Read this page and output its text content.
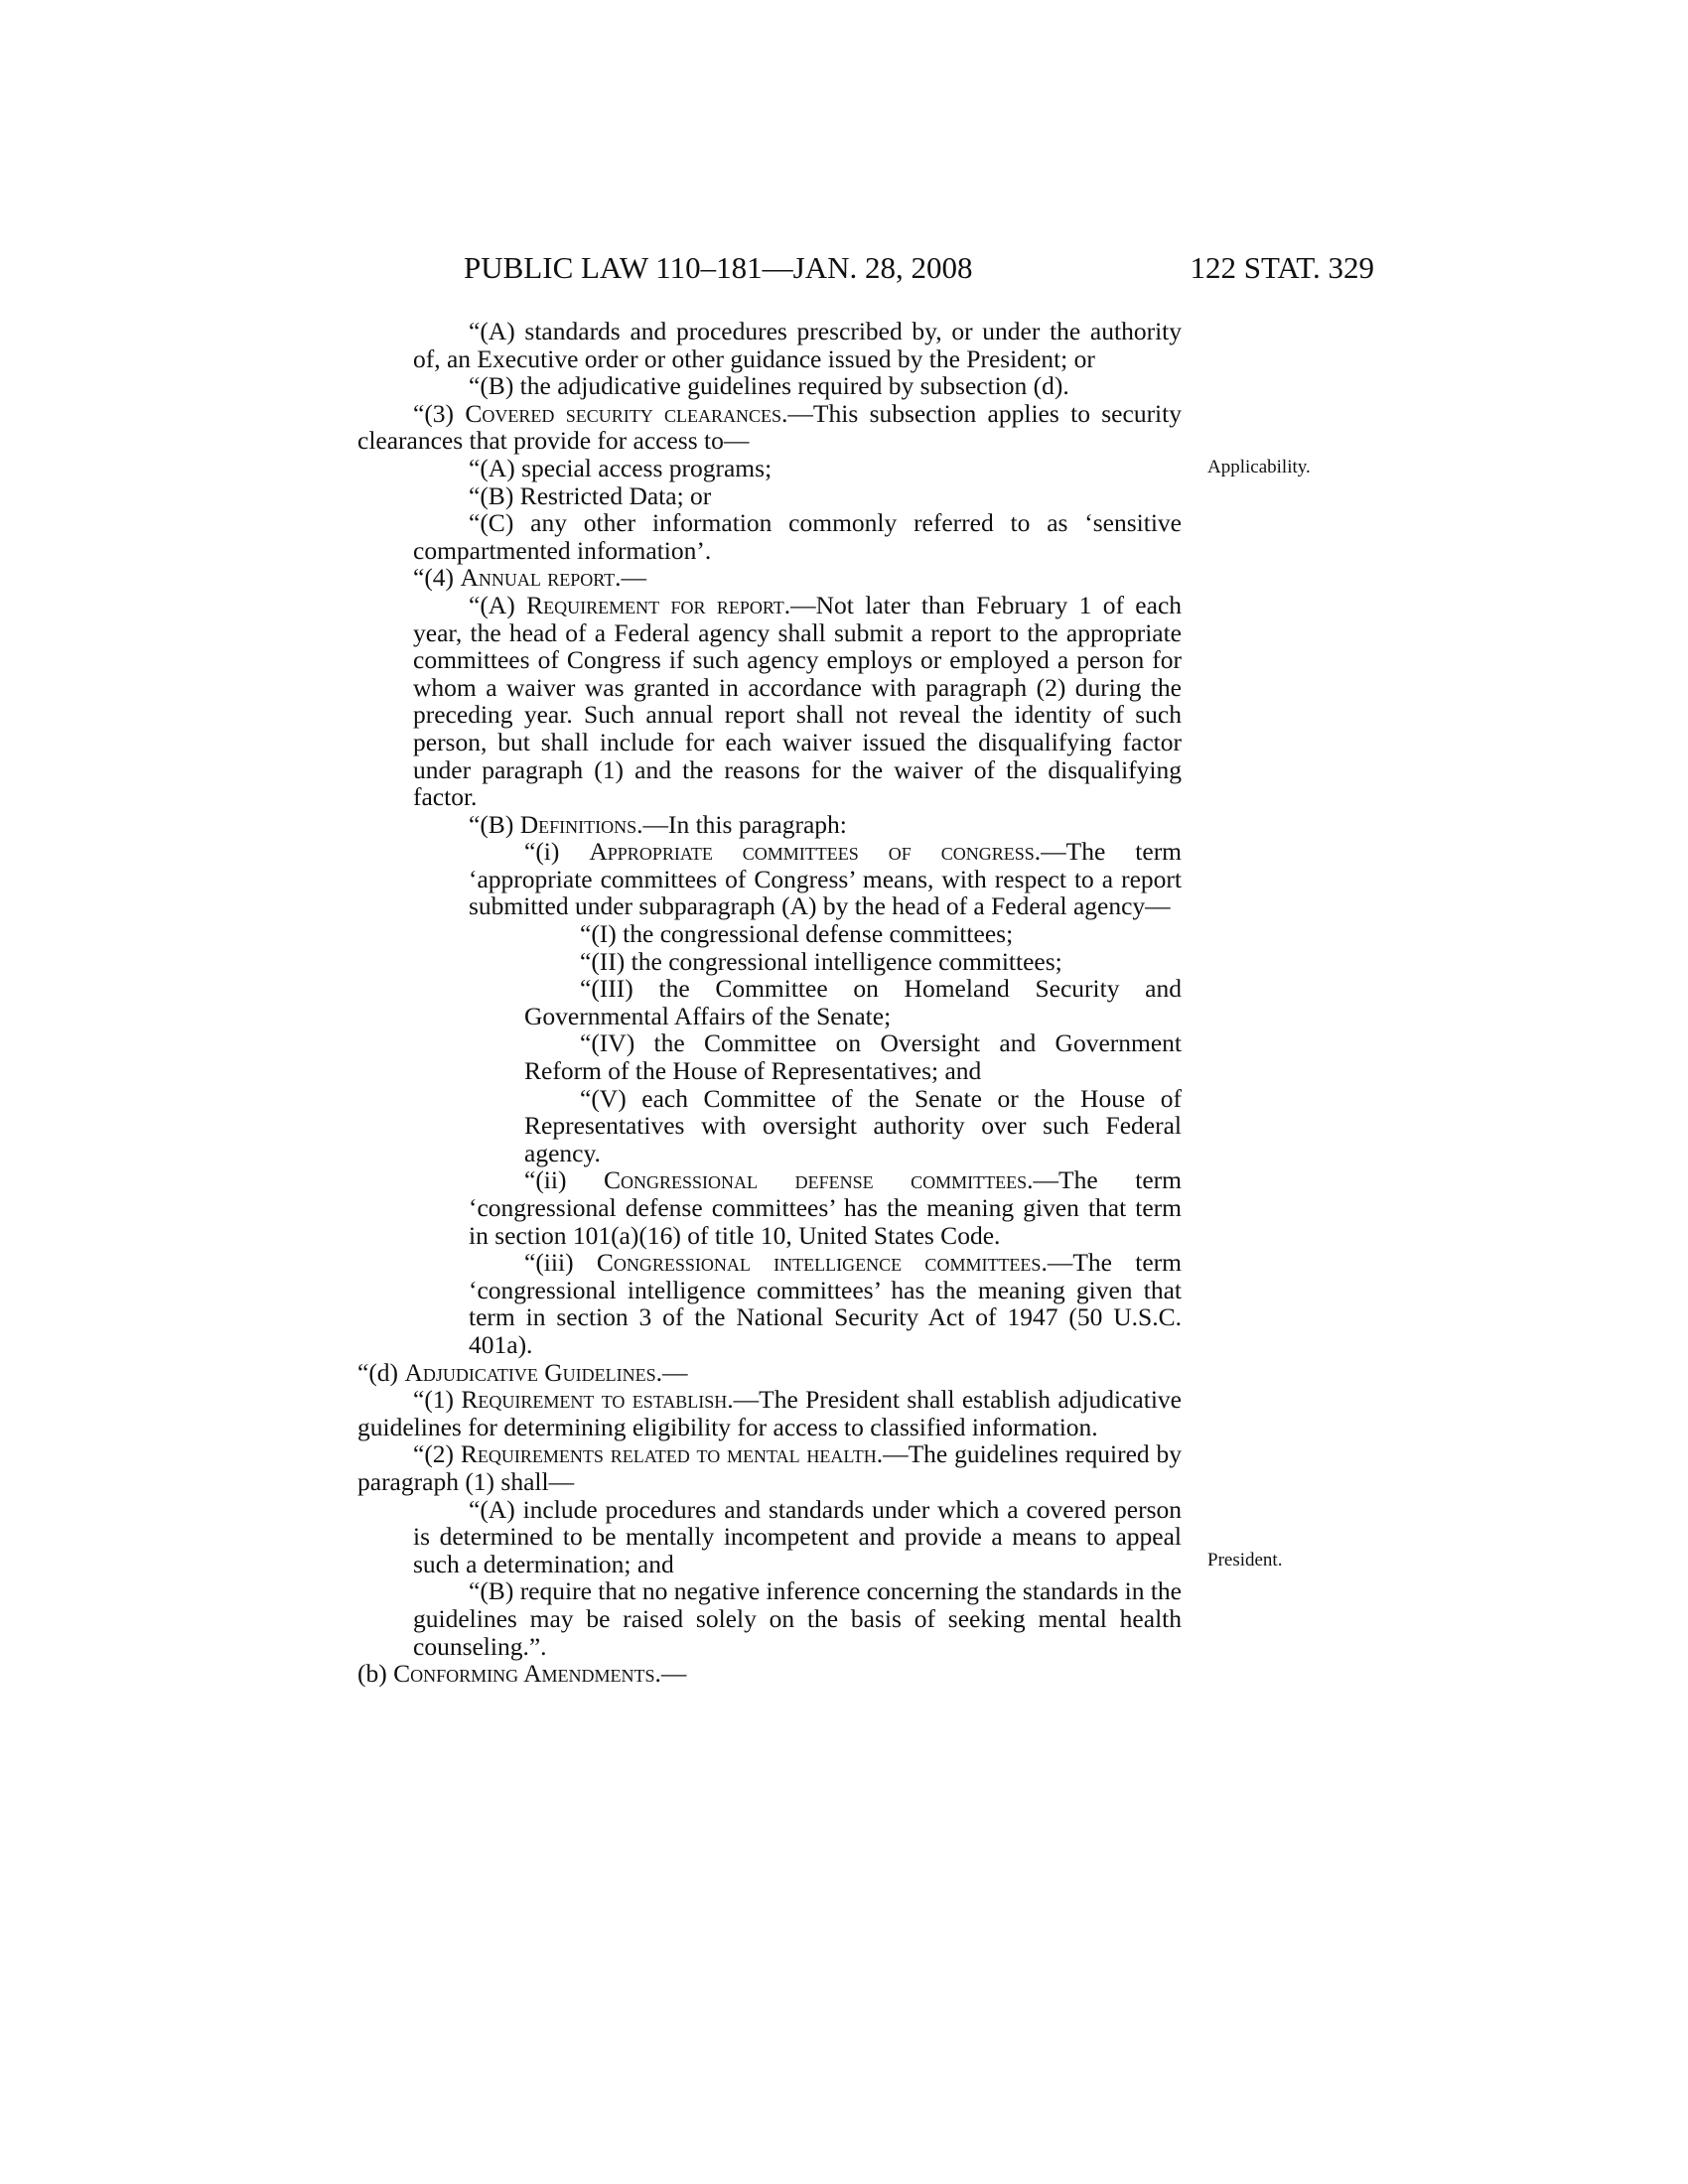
PUBLIC LAW 110–181—JAN. 28, 2008	122 STAT. 329
Applicability.
President.

“(A) standards and procedures prescribed by, or under the authority of, an Executive order or other guidance issued by the President; or

“(B) the adjudicative guidelines required by subsection (d).

“(3) Covered security clearances.—This subsection applies to security clearances that provide for access to—

“(A) special access programs;

“(B) Restricted Data; or

“(C) any other information commonly referred to as ‘sensitive compartmented information’.

“(4) Annual report.—

“(A) Requirement for report.—Not later than February 1 of each year, the head of a Federal agency shall submit a report to the appropriate committees of Congress if such agency employs or employed a person for whom a waiver was granted in accordance with paragraph (2) during the preceding year. Such annual report shall not reveal the identity of such person, but shall include for each waiver issued the disqualifying factor under paragraph (1) and the reasons for the waiver of the disqualifying factor.

“(B) Definitions.—In this paragraph:

“(i) Appropriate committees of congress.—The term ‘appropriate committees of Congress’ means, with respect to a report submitted under subparagraph (A) by the head of a Federal agency—

“(I) the congressional defense committees;

“(II) the congressional intelligence committees;

“(III) the Committee on Homeland Security and Governmental Affairs of the Senate;

“(IV) the Committee on Oversight and Government Reform of the House of Representatives; and

“(V) each Committee of the Senate or the House of Representatives with oversight authority over such Federal agency.

“(ii) Congressional defense committees.—The term ‘congressional defense committees’ has the meaning given that term in section 101(a)(16) of title 10, United States Code.

“(iii) Congressional intelligence committees.—The term ‘congressional intelligence committees’ has the meaning given that term in section 3 of the National Security Act of 1947 (50 U.S.C. 401a).

“(d) Adjudicative Guidelines.—

“(1) Requirement to establish.—The President shall establish adjudicative guidelines for determining eligibility for access to classified information.

“(2) Requirements related to mental health.—The guidelines required by paragraph (1) shall—

“(A) include procedures and standards under which a covered person is determined to be mentally incompetent and provide a means to appeal such a determination; and

“(B) require that no negative inference concerning the standards in the guidelines may be raised solely on the basis of seeking mental health counseling.”.

(b) Conforming Amendments.—
